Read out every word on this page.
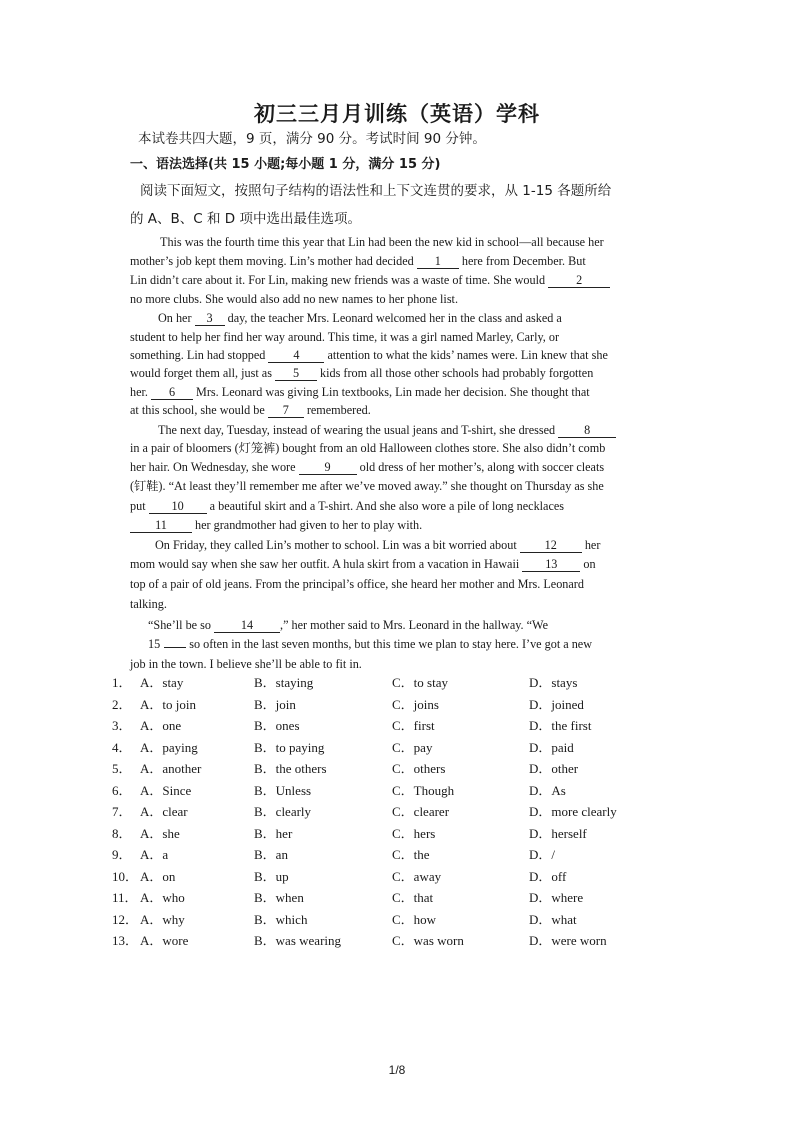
初三三月月训练（英语）学科
本试卷共四大题，9 页，满分 90 分。考试时间 90 分钟。
一、语法选择(共 15 小题;每小题 1 分，满分 15 分)
阅读下面短文，按照句子结构的语法性和上下文连贯的要求，从 1-15 各题所给
的 A、B、C 和 D 项中选出最佳选项。
This was the fourth time this year that Lin had been the new kid in school—all because her
mother’s job kept them moving. Lin’s mother had decided 1 here from December. But
Lin didn’t care about it. For Lin, making new friends was a waste of time. She would 2
no more clubs. She would also add no new names to her phone list.
On her 3 day, the teacher Mrs. Leonard welcomed her in the class and asked a
student to help her find her way around. This time, it was a girl named Marley, Carly, or
something. Lin had stopped 4 attention to what the kids’ names were. Lin knew that she
would forget them all, just as 5 kids from all those other schools had probably forgotten
her. 6 Mrs. Leonard was giving Lin textbooks, Lin made her decision. She thought that
at this school, she would be 7 remembered.
The next day, Tuesday, instead of wearing the usual jeans and T-shirt, she dressed 8
in a pair of bloomers (灯笼裤) bought from an old Halloween clothes store. She also didn’t comb
her hair. On Wednesday, she wore 9 old dress of her mother’s, along with soccer cleats
(钉鞋). “At least they’ll remember me after we’ve moved away.” she thought on Thursday as she
put 10 a beautiful skirt and a T-shirt. And she also wore a pile of long necklaces
11 her grandmother had given to her to play with.
On Friday, they called Lin’s mother to school. Lin was a bit worried about 12 her
mom would say when she saw her outfit. A hula skirt from a vacation in Hawaii 13 on
top of a pair of old jeans. From the principal’s office, she heard her mother and Mrs. Leonard
talking.
“She’ll be so 14 ,” her mother said to Mrs. Leonard in the hallway. “We
15 so often in the last seven months, but this time we plan to stay here. I’ve got a new
job in the town. I believe she’ll be able to fit in.
1． A．stay	B．staying	C．to stay	D．stays
2． A．to join	B．join	C．joins	D．joined
3． A．one	B．ones	C．first	D．the first
4． A．paying	B．to paying	C．pay	D．paid
5． A．another	B．the others	C．others	D．other
6． A．Since	B．Unless	C．Though	D．As
7． A．clear	B．clearly	C．clearer	D．more clearly
8． A．she	B．her	C．hers	D．herself
9． A．a	B．an	C．the	D．/
10． A．on	B．up	C．away	D．off
11． A．who	B．when	C．that	D．where
12． A．why	B．which	C．how	D．what
13． A．wore	B．was wearing	C．was worn	D．were worn
1/8
